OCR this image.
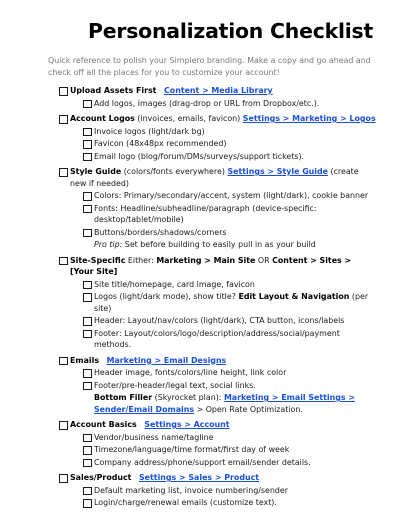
Personalization Checklist

Quick reference to polish your Simplero branding. Make a copy and go ahead and check off all the places for you to customize your account!

Upload Assets First Content > Media Library
Add logos, images (drag-drop or URL from Dropbox/etc.).
Account Logos (invoices, emails, favicon) Settings > Marketing > Logos
Invoice logos (light/dark bg)
Favicon (48x48px recommended)
Email logo (blog/forum/DMs/surveys/support tickets).
Style Guide (colors/fonts everywhere) Settings > Style Guide (create new if needed)
Colors: Primary/secondary/accent, system (light/dark), cookie banner
Fonts: Headline/subheadline/paragraph (device-specific: desktop/tablet/mobile)
Buttons/borders/shadows/corners
Pro tip: Set before building to easily pull in as your build
Site-Specific Either: Marketing > Main Site OR Content > Sites > [Your Site]
Site title/homepage, card image, favicon
Logos (light/dark mode), show title? Edit Layout & Navigation (per site)
Header: Layout/nav/colors (light/dark), CTA button, icons/labels
Footer: Layout/colors/logo/description/address/social/payment methods.
Emails Marketing > Email Designs
Header image, fonts/colors/line height, link color
Footer/pre-header/legal text, social links.
Bottom Filler (Skyrocket plan): Marketing > Email Settings > Sender/Email Domains > Open Rate Optimization.
Account Basics Settings > Account
Vendor/business name/tagline
Timezone/language/time format/first day of week
Company address/phone/support email/sender details.
Sales/Product Settings > Sales > Product
Default marketing list, invoice numbering/sender
Login/charge/renewal emails (customize text).
